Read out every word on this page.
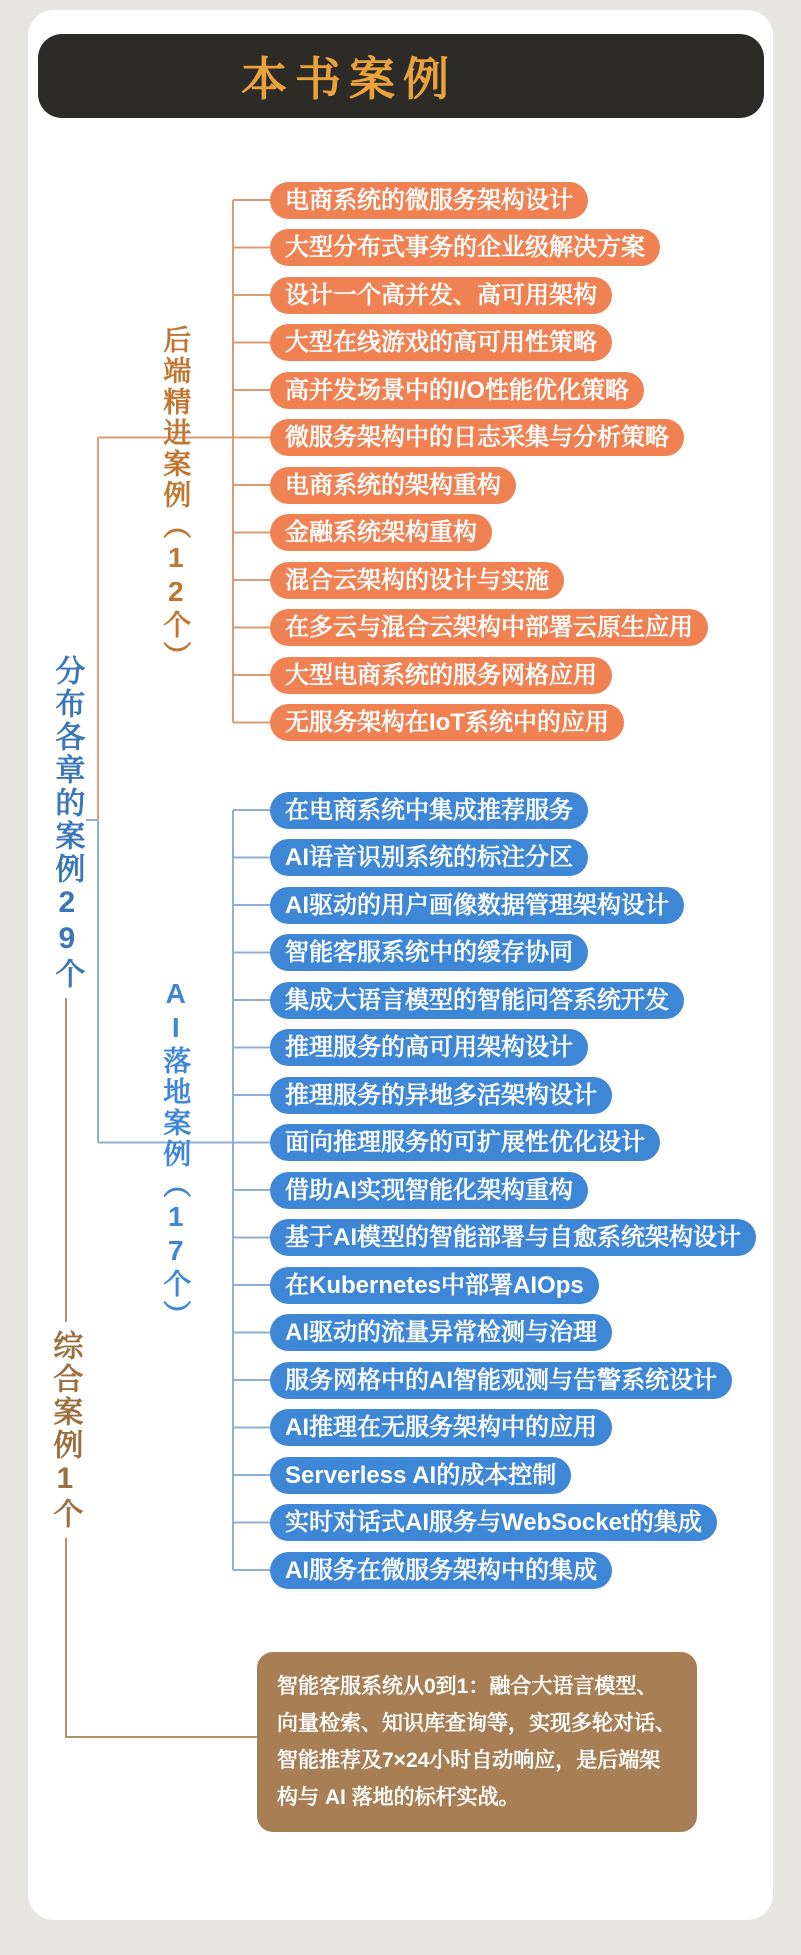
本书案例
分布各章的案例29个
后端精进案例（12个）
AI落地案例（17个）
综合案例1个
电商系统的微服务架构设计
大型分布式事务的企业级解决方案
设计一个高并发、高可用架构
大型在线游戏的高可用性策略
高并发场景中的I/O性能优化策略
微服务架构中的日志采集与分析策略
电商系统的架构重构
金融系统架构重构
混合云架构的设计与实施
在多云与混合云架构中部署云原生应用
大型电商系统的服务网格应用
无服务架构在IoT系统中的应用
在电商系统中集成推荐服务
AI语音识别系统的标注分区
AI驱动的用户画像数据管理架构设计
智能客服系统中的缓存协同
集成大语言模型的智能问答系统开发
推理服务的高可用架构设计
推理服务的异地多活架构设计
面向推理服务的可扩展性优化设计
借助AI实现智能化架构重构
基于AI模型的智能部署与自愈系统架构设计
在Kubernetes中部署AIOps
AI驱动的流量异常检测与治理
服务网格中的AI智能观测与告警系统设计
AI推理在无服务架构中的应用
Serverless AI的成本控制
实时对话式AI服务与WebSocket的集成
AI服务在微服务架构中的集成
智能客服系统从0到1：融合大语言模型、向量检索、知识库查询等，实现多轮对话、智能推荐及7×24小时自动响应，是后端架构与 AI 落地的标杆实战。
